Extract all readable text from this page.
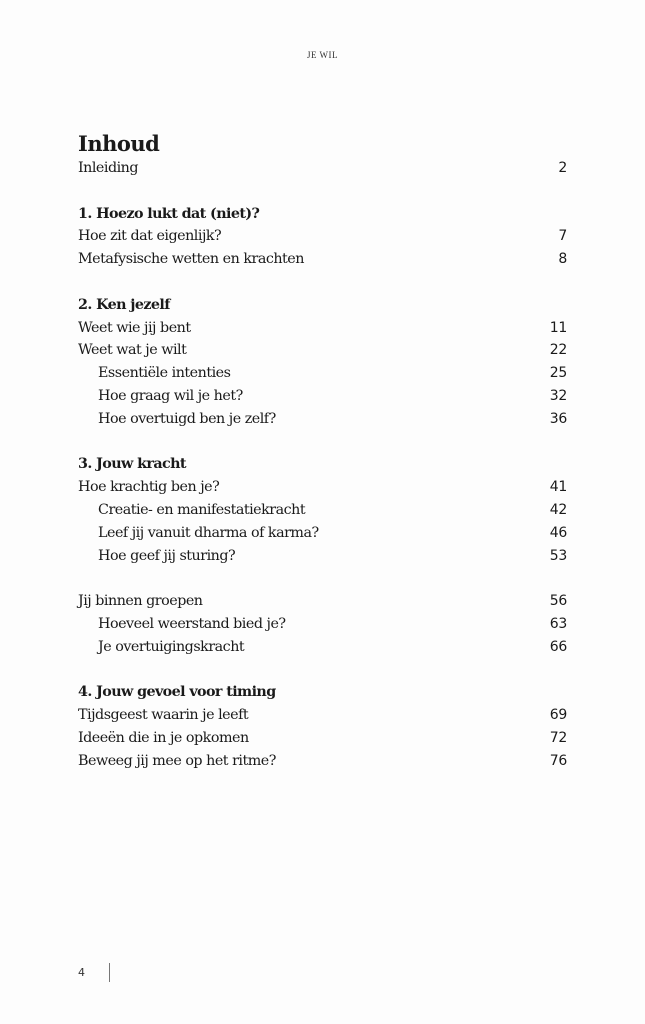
JE WIL
Inhoud
Inleiding	2
1. Hoezo lukt dat (niet)?
Hoe zit dat eigenlijk?	7
Metafysische wetten en krachten	8
2. Ken jezelf
Weet wie jij bent	11
Weet wat je wilt	22
Essentiële intenties	25
Hoe graag wil je het?	32
Hoe overtuigd ben je zelf?	36
3. Jouw kracht
Hoe krachtig ben je?	41
Creatie- en manifestatiekracht	42
Leef jij vanuit dharma of karma?	46
Hoe geef jij sturing?	53
Jij binnen groepen	56
Hoeveel weerstand bied je?	63
Je overtuigingskracht	66
4. Jouw gevoel voor timing
Tijdsgeest waarin je leeft	69
Ideeën die in je opkomen	72
Beweeg jij mee op het ritme?	76
4
